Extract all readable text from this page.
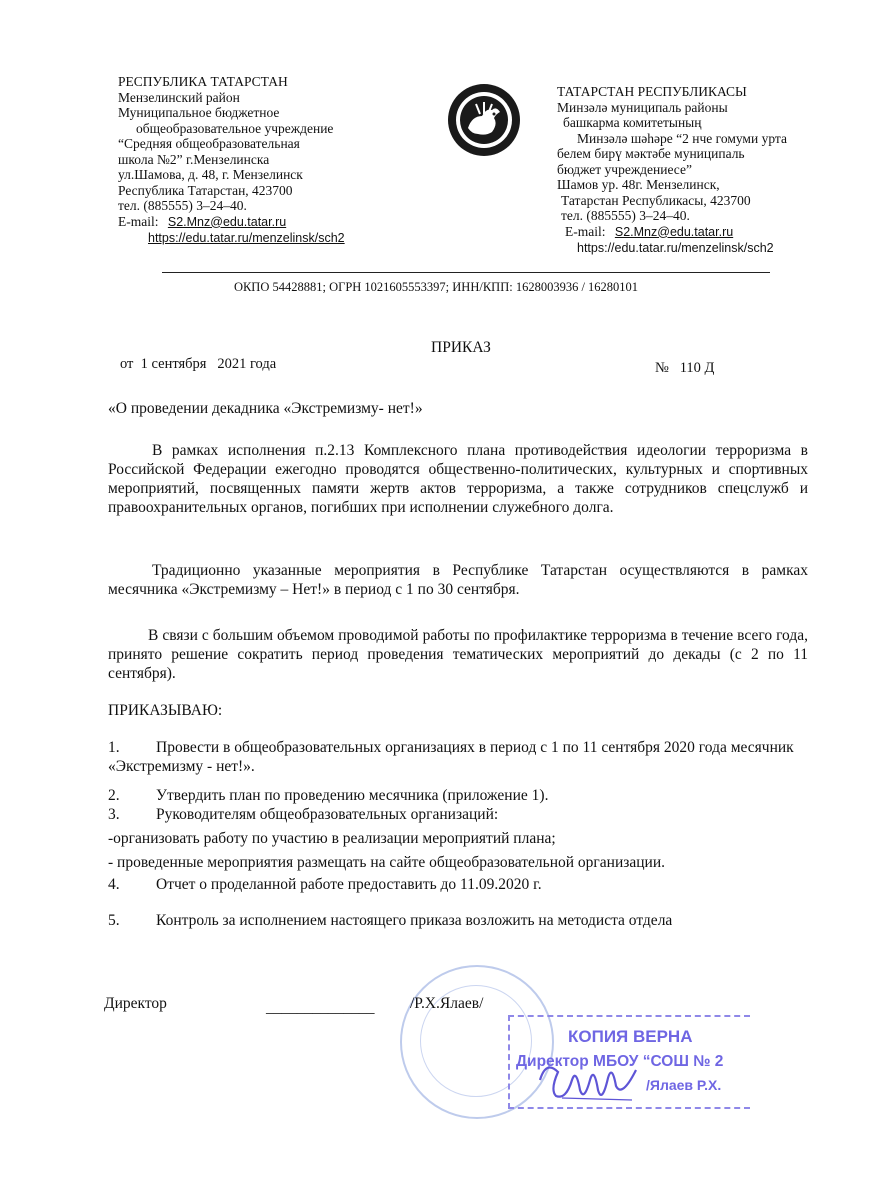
РЕСПУБЛИКА ТАТАРСТАН
Мензелинский район
Муниципальное бюджетное
общеобразовательное учреждение
“Средняя общеобразовательная
школа №2” г.Мензелинска
ул.Шамова, д. 48, г. Мензелинск
Республика Татарстан, 423700
тел. (885555) 3–24–40.
E-mail: S2.Mnz@edu.tatar.ru
https://edu.tatar.ru/menzelinsk/sch2
ТАТАРСТАН РЕСПУБЛИКАСЫ
Минзәлә муниципаль районы
башкарма комитетының
Минзәлә шәһәре “2 нче гомуми урта
белем бирү мәктәбе муниципаль
бюджет учреждениесе”
Шамов ур. 48г. Мензелинск,
Татарстан Республикасы, 423700
тел. (885555) 3–24–40.
E-mail: S2.Mnz@edu.tatar.ru
https://edu.tatar.ru/menzelinsk/sch2
ОКПО 54428881; ОГРН 1021605553397; ИНН/КПП: 1628003936 / 16280101
ПРИКАЗ
от  1 сентября   2021 года	№   110 Д
«О проведении декадника «Экстремизму- нет!»
В рамках исполнения п.2.13 Комплексного плана противодействия идеологии терроризма в Российской Федерации ежегодно проводятся общественно-политических, культурных и спортивных мероприятий, посвященных памяти жертв актов терроризма, а также сотрудников спецслужб и правоохранительных органов, погибших при исполнении служебного долга.
Традиционно указанные мероприятия в Республике Татарстан осуществляются в рамках месячника «Экстремизму – Нет!» в период с 1 по 30 сентября.
В связи с большим объемом проводимой работы по профилактике терроризма в течение всего года, принято решение сократить период проведения тематических мероприятий до декады (с 2 по 11 сентября).
ПРИКАЗЫВАЮ:
1. Провести в общеобразовательных организациях в период с 1 по 11 сентября 2020 года месячник «Экстремизму - нет!».
2. Утвердить план по проведению месячника (приложение 1).
3. Руководителям общеобразовательных организаций:
-организовать работу по участию в реализации мероприятий плана;
- проведенные мероприятия размещать на сайте общеобразовательной организации.
4. Отчет о проделанной работе предоставить до 11.09.2020 г.
5. Контроль за исполнением настоящего приказа возложить на методиста отдела
КОПИЯ ВЕРНА
Директор МБОУ “СОШ № 2
/Ялаев Р.Х.
Директор	______________ /Р.Х.Ялаев/
